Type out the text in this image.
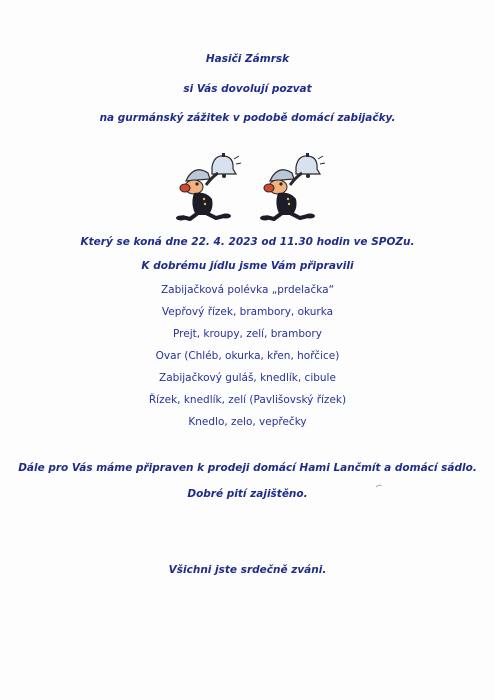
Hasiči Zámrsk
si Vás dovolují pozvat
na gurmánský zážitek v podobě domácí zabijačky.
Který se koná dne 22. 4. 2023 od 11.30 hodin ve SPOZu.
K dobrému jídlu jsme Vám připravili
Zabijačková polévka „prdelačka“
Vepřový řízek, brambory, okurka
Prejt, kroupy, zelí, brambory
Ovar (Chléb, okurka, křen, hořčice)
Zabijačkový guláš, knedlík, cibule
Řízek, knedlík, zelí (Pavlišovský řízek)
Knedlo, zelo, vepřečky
Dále pro Vás máme připraven k prodeji domácí Hami Lančmít a domácí sádlo.
Dobré pití zajištěno.
Všichni jste srdečně zváni.
